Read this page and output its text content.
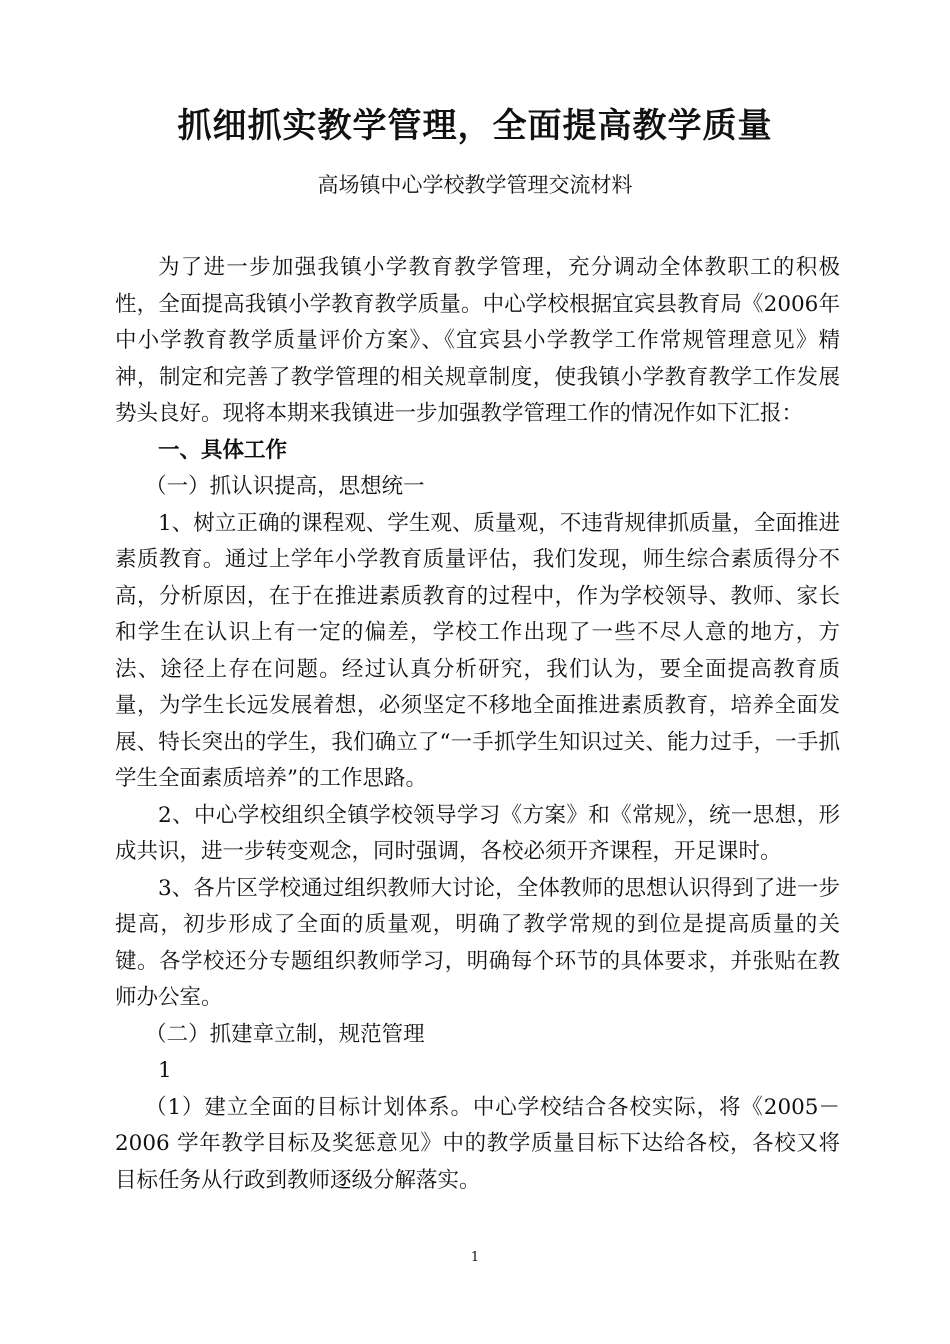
抓细抓实教学管理，全面提高教学质量
高场镇中心学校教学管理交流材料

为了进一步加强我镇小学教育教学管理，充分调动全体教职工的积极性，全面提高我镇小学教育教学质量。中心学校根据宜宾县教育局《2006年中小学教育教学质量评价方案》、《宜宾县小学教学工作常规管理意见》精神，制定和完善了教学管理的相关规章制度，使我镇小学教育教学工作发展势头良好。现将本期来我镇进一步加强教学管理工作的情况作如下汇报：

一、具体工作

（一）抓认识提高，思想统一

1、树立正确的课程观、学生观、质量观，不违背规律抓质量，全面推进素质教育。通过上学年小学教育质量评估，我们发现，师生综合素质得分不高，分析原因，在于在推进素质教育的过程中，作为学校领导、教师、家长和学生在认识上有一定的偏差，学校工作出现了一些不尽人意的地方，方法、途径上存在问题。经过认真分析研究，我们认为，要全面提高教育质量，为学生长远发展着想，必须坚定不移地全面推进素质教育，培养全面发展、特长突出的学生，我们确立了“一手抓学生知识过关、能力过手，一手抓学生全面素质培养”的工作思路。

2、中心学校组织全镇学校领导学习《方案》和《常规》，统一思想，形成共识，进一步转变观念，同时强调，各校必须开齐课程，开足课时。

3、各片区学校通过组织教师大讨论，全体教师的思想认识得到了进一步提高，初步形成了全面的质量观，明确了教学常规的到位是提高质量的关键。各学校还分专题组织教师学习，明确每个环节的具体要求，并张贴在教师办公室。

（二）抓建章立制，规范管理

1

（1）建立全面的目标计划体系。中心学校结合各校实际，将《2005－2006 学年教学目标及奖惩意见》中的教学质量目标下达给各校，各校又将目标任务从行政到教师逐级分解落实。

1
